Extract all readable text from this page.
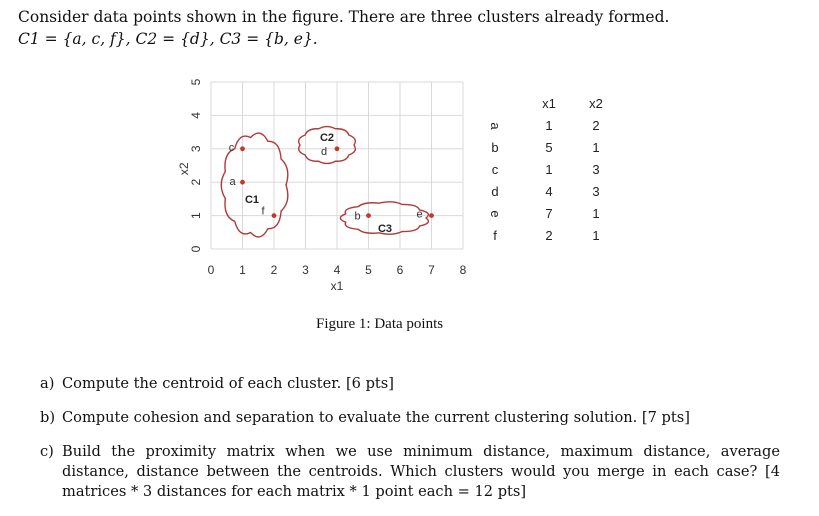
Consider data points shown in the figure. There are three clusters already formed.
C1 = {a, c, f}, C2 = {d}, C3 = {b, e}.
C1
C2
C3
0 1 2 3 4 5 6 7 8
0
1
2
3
4
5
x1
x2
a
b
c	d
e
f
x1	x2
a	1	2
b	5	1
c	1	3
d	4	3
e	7	1
f	2	1
Figure 1: Data points
a) Compute the centroid of each cluster. [6 pts]
b) Compute cohesion and separation to evaluate the current clustering solution. [7 pts]
c) Build the proximity matrix when we use minimum distance, maximum distance, average distance, distance between the centroids. Which clusters would you merge in each case? [4 matrices * 3 distances for each matrix * 1 point each = 12 pts]
